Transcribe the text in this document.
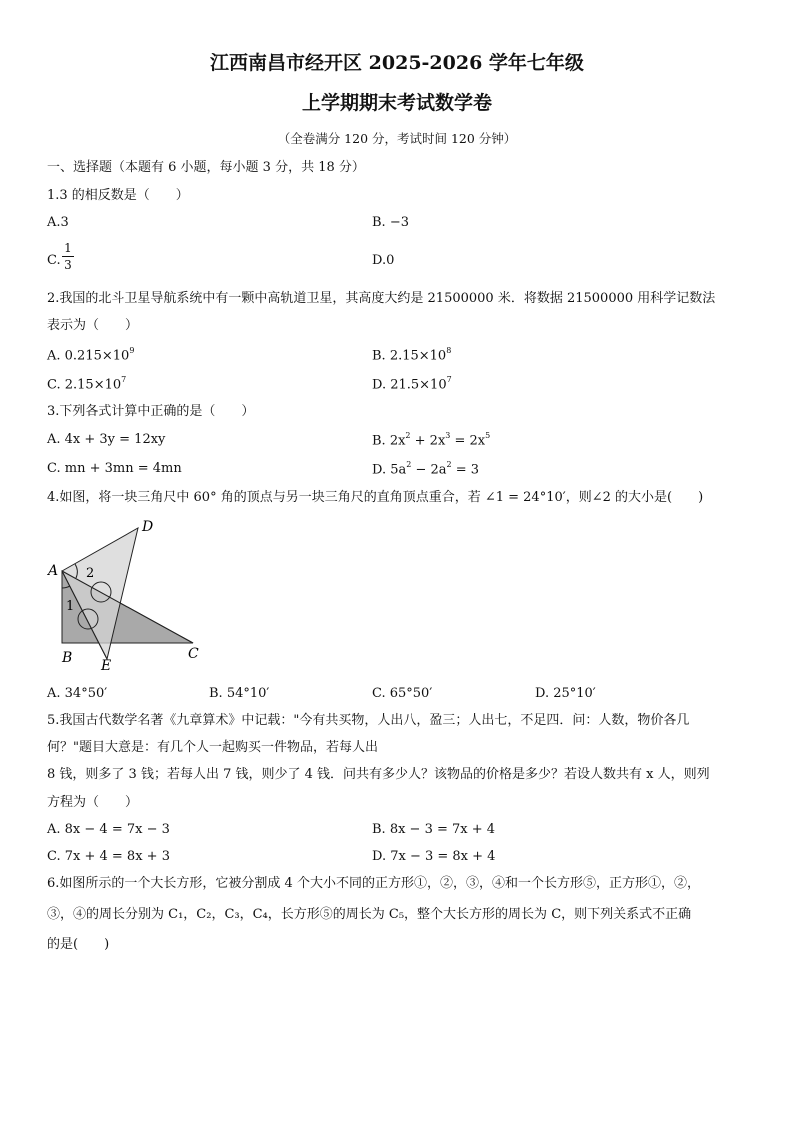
江西南昌市经开区 2025-2026 学年七年级
上学期期末考试数学卷
（全卷满分 120 分，考试时间 120 分钟）
一、选择题（本题有 6 小题，每小题 3 分，共 18 分）
1.3 的相反数是（　　）
A.3	B. −3
C.
1
3	D.0
2.我国的北斗卫星导航系统中有一颗中高轨道卫星，其高度大约是 21500000 米．将数据 21500000 用科学记数法
表示为（　　）
A. $0.215\times 10^9$	B. $2.15\times 10^8$
C. $2.15\times 10^7$	D. $21.5\times 10^7$
3.下列各式计算中正确的是（　　）
A. 4x + 3y = 12xy	B. $2x^2 + 2x^3 = 2x^5$
C. mn + 3mn = 4mn	D. $5a^2 - 2a^2 = 3$
4.如图，将一块三角尺中 60° 角的顶点与另一块三角尺的直角顶点重合，若 ∠1 = 24°10′，则∠2 的大小是(　　)
A
B	C
D
E
1
2
A. 34°50′	B. 54°10′	C. 65°50′	D. 25°10′
5.我国古代数学名著《九章算术》中记载："今有共买物，人出八，盈三；人出七，不足四．问：人数，物价各几
何？"题目大意是：有几个人一起购买一件物品，若每人出
8 钱，则多了 3 钱；若每人出 7 钱，则少了 4 钱．问共有多少人？该物品的价格是多少？若设人数共有 x 人，则列
方程为（　　）
A. 8x − 4 = 7x − 3	B. 8x − 3 = 7x + 4
C. 7x + 4 = 8x + 3	D. 7x − 3 = 8x + 4
6.如图所示的一个大长方形，它被分割成 4 个大小不同的正方形①，②，③，④和一个长方形⑤，正方形①，②，
③，④的周长分别为 C₁，C₂，C₃，C₄，长方形⑤的周长为 C₅，整个大长方形的周长为 C，则下列关系式不正确
的是(　　)
